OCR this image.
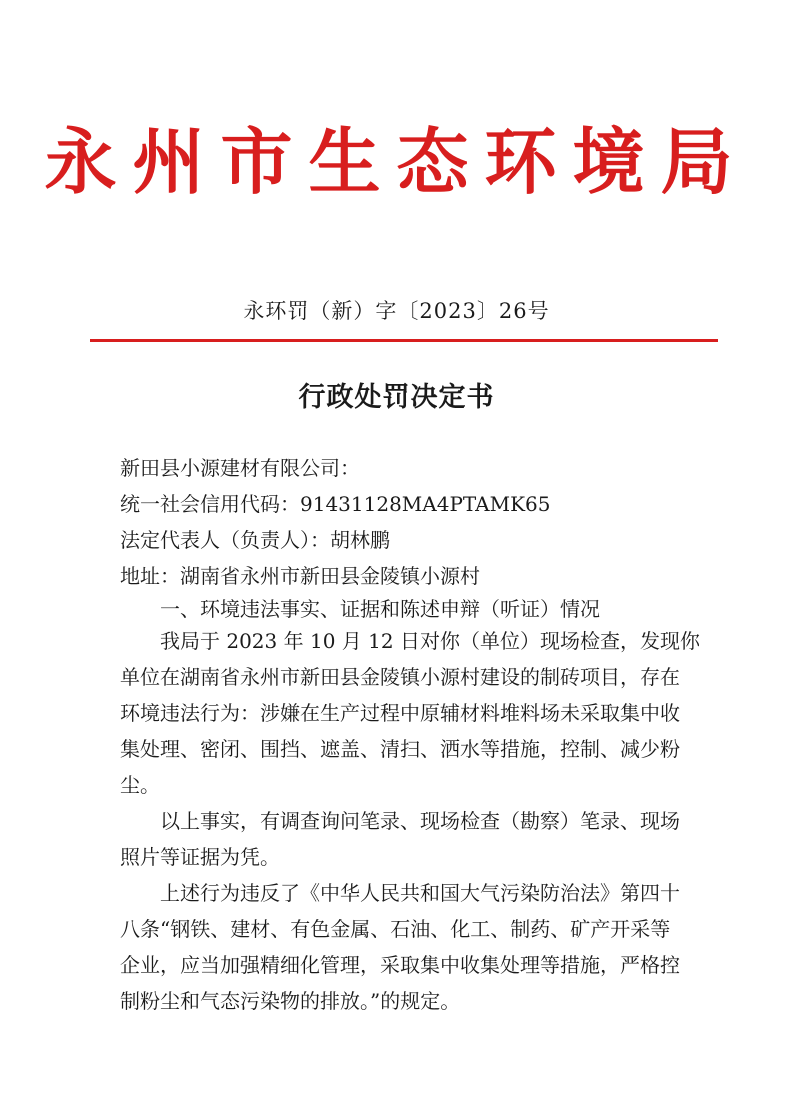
永州市生态环境局
永环罚（新）字〔2023〕26号
行政处罚决定书
新田县小源建材有限公司：
统一社会信用代码：91431128MA4PTAMK65
法定代表人（负责人）：胡林鹏
地址：湖南省永州市新田县金陵镇小源村
一、环境违法事实、证据和陈述申辩（听证）情况
我局于 2023 年 10 月 12 日对你（单位）现场检查，发现你
单位在湖南省永州市新田县金陵镇小源村建设的制砖项目，存在
环境违法行为：涉嫌在生产过程中原辅材料堆料场未采取集中收
集处理、密闭、围挡、遮盖、清扫、洒水等措施，控制、减少粉
尘。
以上事实，有调查询问笔录、现场检查（勘察）笔录、现场
照片等证据为凭。
上述行为违反了《中华人民共和国大气污染防治法》第四十
八条“钢铁、建材、有色金属、石油、化工、制药、矿产开采等
企业，应当加强精细化管理，采取集中收集处理等措施，严格控
制粉尘和气态污染物的排放。”的规定。
